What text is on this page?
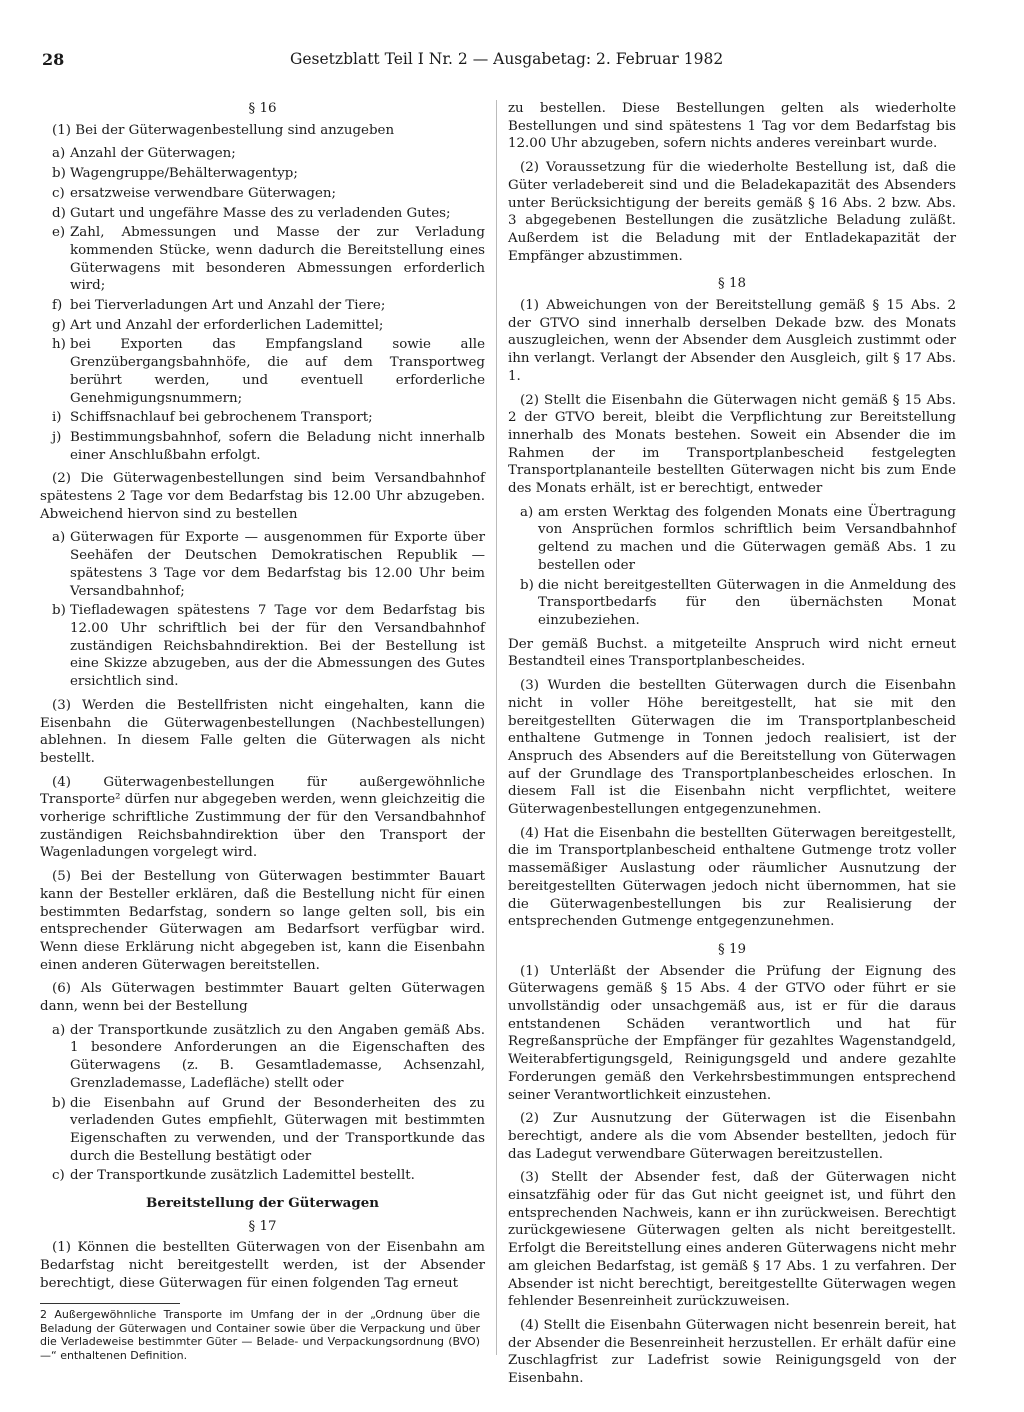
28	Gesetzblatt Teil I Nr. 2 — Ausgabetag: 2. Februar 1982
§ 16

(1) Bei der Güterwagenbestellung sind anzugeben

a) Anzahl der Güterwagen;
b) Wagengruppe/Behälterwagentyp;
c) ersatzweise verwendbare Güterwagen;
d) Gutart und ungefähre Masse des zu verladenden Gutes;
e) Zahl, Abmessungen und Masse der zur Verladung kommenden Stücke, wenn dadurch die Bereitstellung eines Güterwagens mit besonderen Abmessungen erforderlich wird;
f) bei Tierverladungen Art und Anzahl der Tiere;
g) Art und Anzahl der erforderlichen Lademittel;
h) bei Exporten das Empfangsland sowie alle Grenzübergangsbahnhöfe, die auf dem Transportweg berührt werden, und eventuell erforderliche Genehmigungsnummern;
i) Schiffsnachlauf bei gebrochenem Transport;
j) Bestimmungsbahnhof, sofern die Beladung nicht innerhalb einer Anschlußbahn erfolgt.

(2) Die Güterwagenbestellungen sind beim Versandbahnhof spätestens 2 Tage vor dem Bedarfstag bis 12.00 Uhr abzugeben. Abweichend hiervon sind zu bestellen

a) Güterwagen für Exporte — ausgenommen für Exporte über Seehäfen der Deutschen Demokratischen Republik — spätestens 3 Tage vor dem Bedarfstag bis 12.00 Uhr beim Versandbahnhof;
b) Tiefladewagen spätestens 7 Tage vor dem Bedarfstag bis 12.00 Uhr schriftlich bei der für den Versandbahnhof zuständigen Reichsbahndirektion. Bei der Bestellung ist eine Skizze abzugeben, aus der die Abmessungen des Gutes ersichtlich sind.

(3) Werden die Bestellfristen nicht eingehalten, kann die Eisenbahn die Güterwagenbestellungen (Nachbestellungen) ablehnen. In diesem Falle gelten die Güterwagen als nicht bestellt.

(4) Güterwagenbestellungen für außergewöhnliche Transporte² dürfen nur abgegeben werden, wenn gleichzeitig die vorherige schriftliche Zustimmung der für den Versandbahnhof zuständigen Reichsbahndirektion über den Transport der Wagenladungen vorgelegt wird.

(5) Bei der Bestellung von Güterwagen bestimmter Bauart kann der Besteller erklären, daß die Bestellung nicht für einen bestimmten Bedarfstag, sondern so lange gelten soll, bis ein entsprechender Güterwagen am Bedarfsort verfügbar wird. Wenn diese Erklärung nicht abgegeben ist, kann die Eisenbahn einen anderen Güterwagen bereitstellen.

(6) Als Güterwagen bestimmter Bauart gelten Güterwagen dann, wenn bei der Bestellung

a) der Transportkunde zusätzlich zu den Angaben gemäß Abs. 1 besondere Anforderungen an die Eigenschaften des Güterwagens (z. B. Gesamtlademasse, Achsenzahl, Grenzlademasse, Ladefläche) stellt oder
b) die Eisenbahn auf Grund der Besonderheiten des zu verladenden Gutes empfiehlt, Güterwagen mit bestimmten Eigenschaften zu verwenden, und der Transportkunde das durch die Bestellung bestätigt oder
c) der Transportkunde zusätzlich Lademittel bestellt.

Bereitstellung der Güterwagen

§ 17

(1) Können die bestellten Güterwagen von der Eisenbahn am Bedarfstag nicht bereitgestellt werden, ist der Absender berechtigt, diese Güterwagen für einen folgenden Tag erneut

2 Außergewöhnliche Transporte im Umfang der in der „Ordnung über die Beladung der Güterwagen und Container sowie über die Verpackung und über die Verladeweise bestimmter Güter — Belade- und Verpackungsordnung (BVO) —“ enthaltenen Definition.

zu bestellen. Diese Bestellungen gelten als wiederholte Bestellungen und sind spätestens 1 Tag vor dem Bedarfstag bis 12.00 Uhr abzugeben, sofern nichts anderes vereinbart wurde.

(2) Voraussetzung für die wiederholte Bestellung ist, daß die Güter verladebereit sind und die Beladekapazität des Absenders unter Berücksichtigung der bereits gemäß § 16 Abs. 2 bzw. Abs. 3 abgegebenen Bestellungen die zusätzliche Beladung zuläßt. Außerdem ist die Beladung mit der Entladekapazität der Empfänger abzustimmen.

§ 18

(1) Abweichungen von der Bereitstellung gemäß § 15 Abs. 2 der GTVO sind innerhalb derselben Dekade bzw. des Monats auszugleichen, wenn der Absender dem Ausgleich zustimmt oder ihn verlangt. Verlangt der Absender den Ausgleich, gilt § 17 Abs. 1.

(2) Stellt die Eisenbahn die Güterwagen nicht gemäß § 15 Abs. 2 der GTVO bereit, bleibt die Verpflichtung zur Bereitstellung innerhalb des Monats bestehen. Soweit ein Absender die im Rahmen der im Transportplanbescheid festgelegten Transportplananteile bestellten Güterwagen nicht bis zum Ende des Monats erhält, ist er berechtigt, entweder

a) am ersten Werktag des folgenden Monats eine Übertragung von Ansprüchen formlos schriftlich beim Versandbahnhof geltend zu machen und die Güterwagen gemäß Abs. 1 zu bestellen oder
b) die nicht bereitgestellten Güterwagen in die Anmeldung des Transportbedarfs für den übernächsten Monat einzubeziehen.

Der gemäß Buchst. a mitgeteilte Anspruch wird nicht erneut Bestandteil eines Transportplanbescheides.

(3) Wurden die bestellten Güterwagen durch die Eisenbahn nicht in voller Höhe bereitgestellt, hat sie mit den bereitgestellten Güterwagen die im Transportplanbescheid enthaltene Gutmenge in Tonnen jedoch realisiert, ist der Anspruch des Absenders auf die Bereitstellung von Güterwagen auf der Grundlage des Transportplanbescheides erloschen. In diesem Fall ist die Eisenbahn nicht verpflichtet, weitere Güterwagenbestellungen entgegenzunehmen.

(4) Hat die Eisenbahn die bestellten Güterwagen bereitgestellt, die im Transportplanbescheid enthaltene Gutmenge trotz voller massemäßiger Auslastung oder räumlicher Ausnutzung der bereitgestellten Güterwagen jedoch nicht übernommen, hat sie die Güterwagenbestellungen bis zur Realisierung der entsprechenden Gutmenge entgegenzunehmen.

§ 19

(1) Unterläßt der Absender die Prüfung der Eignung des Güterwagens gemäß § 15 Abs. 4 der GTVO oder führt er sie unvollständig oder unsachgemäß aus, ist er für die daraus entstandenen Schäden verantwortlich und hat für Regreßansprüche der Empfänger für gezahltes Wagenstandgeld, Weiterabfertigungsgeld, Reinigungsgeld und andere gezahlte Forderungen gemäß den Verkehrsbestimmungen entsprechend seiner Verantwortlichkeit einzustehen.

(2) Zur Ausnutzung der Güterwagen ist die Eisenbahn berechtigt, andere als die vom Absender bestellten, jedoch für das Ladegut verwendbare Güterwagen bereitzustellen.

(3) Stellt der Absender fest, daß der Güterwagen nicht einsatzfähig oder für das Gut nicht geeignet ist, und führt den entsprechenden Nachweis, kann er ihn zurückweisen. Berechtigt zurückgewiesene Güterwagen gelten als nicht bereitgestellt. Erfolgt die Bereitstellung eines anderen Güterwagens nicht mehr am gleichen Bedarfstag, ist gemäß § 17 Abs. 1 zu verfahren. Der Absender ist nicht berechtigt, bereitgestellte Güterwagen wegen fehlender Besenreinheit zurückzuweisen.

(4) Stellt die Eisenbahn Güterwagen nicht besenrein bereit, hat der Absender die Besenreinheit herzustellen. Er erhält dafür eine Zuschlagfrist zur Ladefrist sowie Reinigungsgeld von der Eisenbahn.
